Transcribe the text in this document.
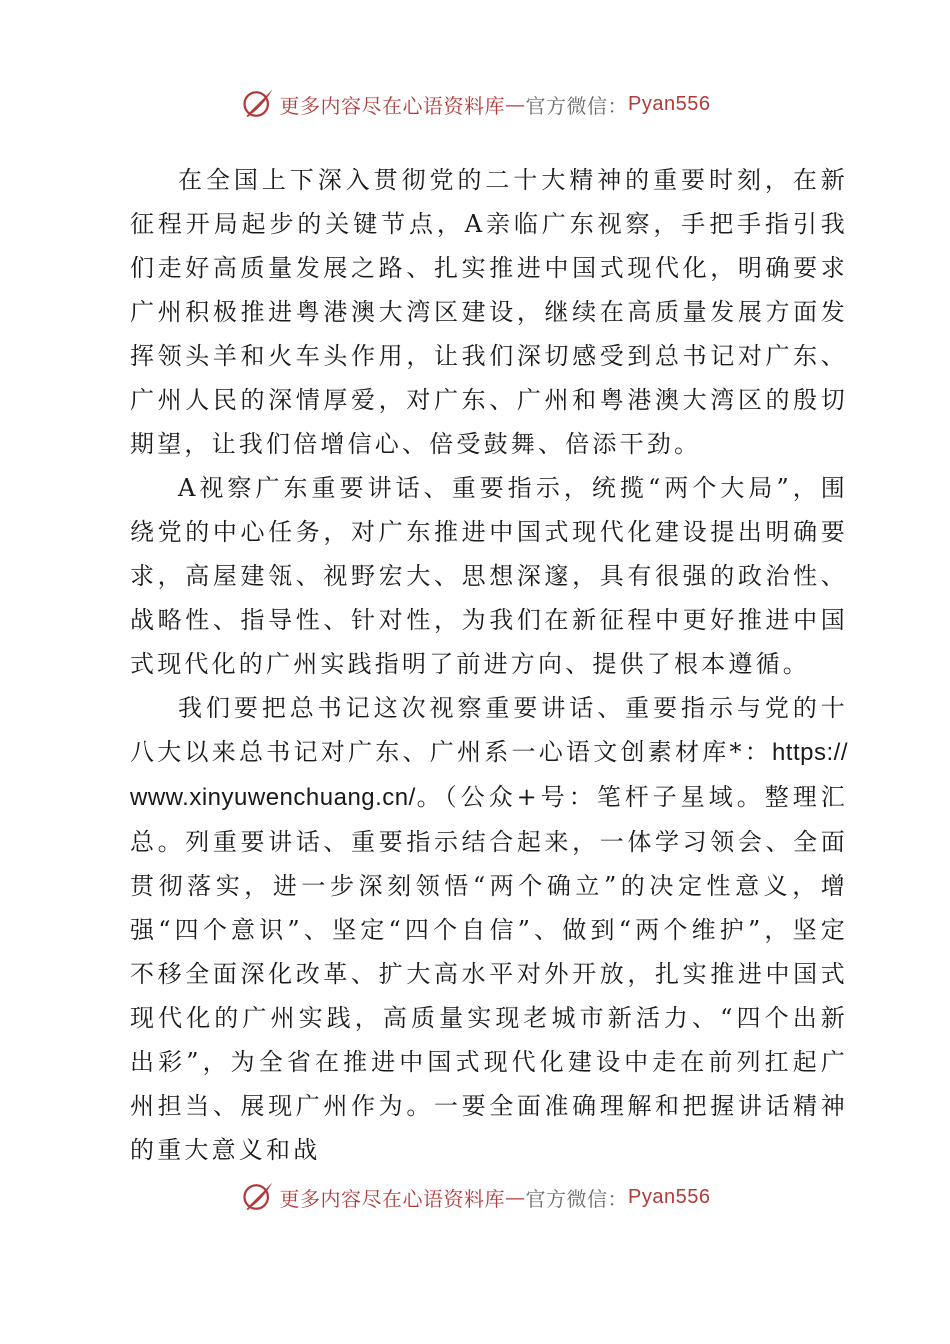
更多内容尽在心语资料库 — 官方微信： Pyan556

在全国上下深入贯彻党的二十大精神的重要时刻，在新征程开局起步的关键节点，A亲临广东视察，手把手指引我们走好高质量发展之路、扎实推进中国式现代化，明确要求广州积极推进粤港澳大湾区建设，继续在高质量发展方面发挥领头羊和火车头作用，让我们深切感受到总书记对广东、广州人民的深情厚爱，对广东、广州和粤港澳大湾区的殷切期望，让我们倍增信心、倍受鼓舞、倍添干劲。

A视察广东重要讲话、重要指示，统揽“两个大局”，围绕党的中心任务，对广东推进中国式现代化建设提出明确要求，高屋建瓴、视野宏大、思想深邃，具有很强的政治性、战略性、指导性、针对性，为我们在新征程中更好推进中国式现代化的广州实践指明了前进方向、提供了根本遵循。

我们要把总书记这次视察重要讲话、重要指示与党的十八大以来总书记对广东、广州系一心语文创素材库*：https://www.xinyuwenchuang.cn/。（公众+号：笔杆子星域。整理汇总。列重要讲话、重要指示结合起来，一体学习领会、全面贯彻落实，进一步深刻领悟“两个确立”的决定性意义，增强“四个意识”、坚定“四个自信”、做到“两个维护”，坚定不移全面深化改革、扩大高水平对外开放，扎实推进中国式现代化的广州实践，高质量实现老城市新活力、“四个出新出彩”，为全省在推进中国式现代化建设中走在前列扛起广州担当、展现广州作为。一要全面准确理解和把握讲话精神的重大意义和战

更多内容尽在心语资料库 — 官方微信： Pyan556
